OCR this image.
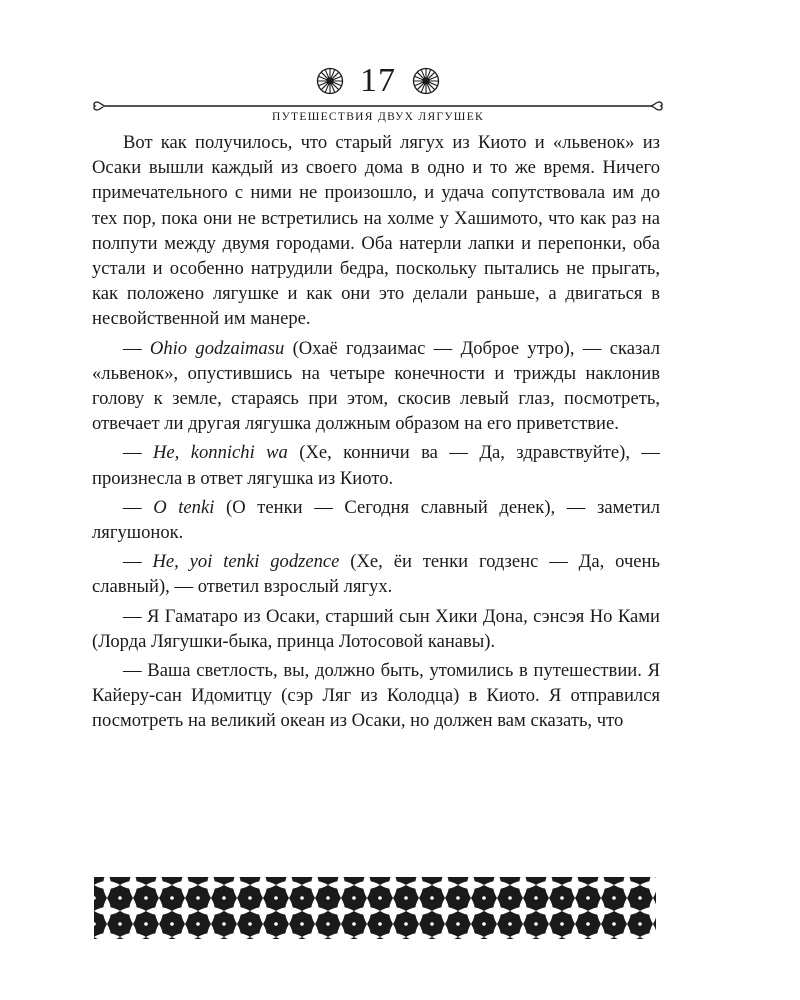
17
ПУТЕШЕСТВИЯ ДВУХ ЛЯГУШЕК

Вот как получилось, что старый лягух из Киото и «львенок» из Осаки вышли каждый из своего дома в одно и то же время. Ничего примечательного с ними не произошло, и удача сопутствовала им до тех пор, пока они не встретились на холме у Хашимото, что как раз на полпути между двумя городами. Оба натерли лапки и перепонки, оба устали и особенно натрудили бедра, поскольку пытались не прыгать, как положено лягушке и как они это делали раньше, а двигаться в несвойственной им манере.

— Ohio godzaimasu (Охаё годзаимас — Доброе утро), — сказал «львенок», опустившись на четыре конечности и трижды наклонив голову к земле, стараясь при этом, скосив левый глаз, посмотреть, отвечает ли другая лягушка должным образом на его приветствие.

— He, konnichi wa (Хе, конничи ва — Да, здравствуйте), — произнесла в ответ лягушка из Киото.

— O tenki (О тенки — Сегодня славный денек), — заметил лягушонок.

— He, yoi tenki godzence (Хе, ёи тенки годзенс — Да, очень славный), — ответил взрослый лягух.

— Я Гаматаро из Осаки, старший сын Хики Дона, сэнсэя Но Ками (Лорда Лягушки-быка, принца Лотосовой канавы).

— Ваша светлость, вы, должно быть, утомились в путешествии. Я Кайеру-сан Идомитцу (сэр Ляг из Колодца) в Киото. Я отправился посмотреть на великий океан из Осаки, но должен вам сказать, что
